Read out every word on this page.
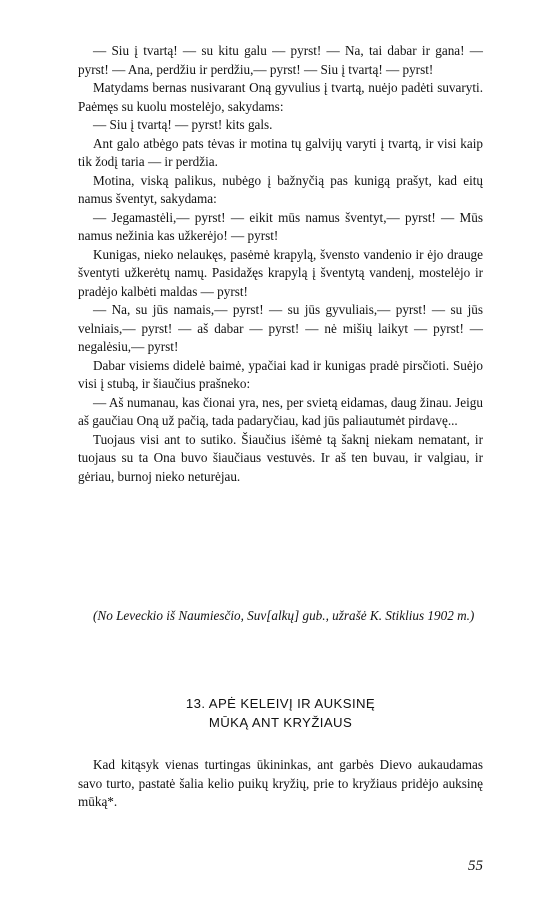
— Siu į tvartą! — su kitu galu — pyrst! — Na, tai dabar ir gana! — pyrst! — Ana, perdžiu ir perdžiu,— pyrst! — Siu į tvartą! — pyrst!

Matydams bernas nusivarant Oną gyvulius į tvartą, nuėjo padėti suvaryti. Paėmęs su kuolu mostelėjo, sakydams:

— Siu į tvartą! — pyrst! kits gals.

Ant galo atbėgo pats tėvas ir motina tų galvijų varyti į tvartą, ir visi kaip tik žodį taria — ir perdžia.

Motina, viską palikus, nubėgo į bažnyčią pas kunigą prašyt, kad eitų namus šventyt, sakydama:

— Jegamastėli,— pyrst! — eikit mūs namus šventyt,— pyrst! — Mūs namus nežinia kas užkerėjo! — pyrst!

Kunigas, nieko nelaukęs, pasėmė krapylą, švensto vandenio ir ėjo drauge šventyti užkerėtų namų. Pasidažęs krapylą į šventytą vandenį, mostelėjo ir pradėjo kalbėti maldas — pyrst!

— Na, su jūs namais,— pyrst! — su jūs gyvuliais,— pyrst! — su jūs velniais,— pyrst! — aš dabar — pyrst! — nė mišių laikyt — pyrst! — negalėsiu,— pyrst!

Dabar visiems didelė baimė, ypačiai kad ir kunigas pradė pirsčioti. Suėjo visi į stubą, ir šiaučius prašneko:

— Aš numanau, kas čionai yra, nes, per svietą eidamas, daug žinau. Jeigu aš gaučiau Oną už pačią, tada padaryčiau, kad jūs paliautumėt pirdavę...

Tuojaus visi ant to sutiko. Šiaučius išėmė tą šaknį niekam nematant, ir tuojaus su ta Ona buvo šiaučiaus vestuvės. Ir aš ten buvau, ir valgiau, ir gėriau, burnoj nieko neturėjau.

(No Leveckio iš Naumiesčio, Suv[alkų] gub., užrašė K. Stiklius 1902 m.)
13. APĖ KELEIVĮ IR AUKSINĘ
MŪKĄ ANT KRYŽIAUS

Kad kitąsyk vienas turtingas ūkininkas, ant garbės Dievo aukaudamas savo turto, pastatė šalia kelio puikų kryžių, prie to kryžiaus pridėjo auksinę mūką*.

55
